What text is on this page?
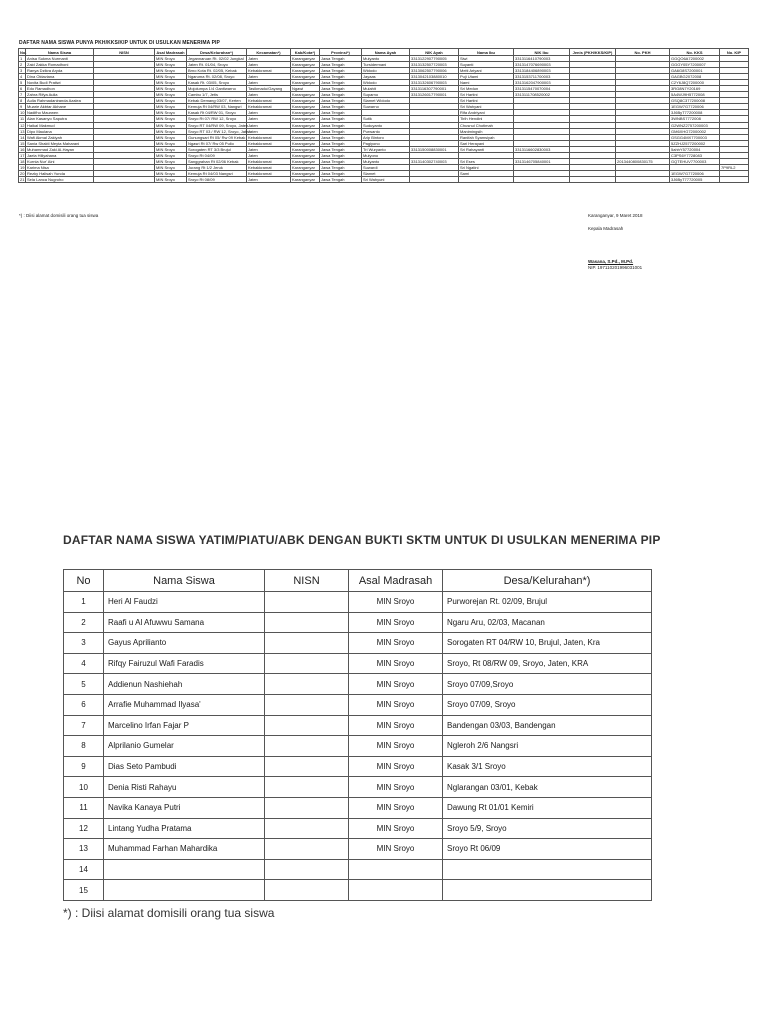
DAFTAR NAMA SISWA PUNYA PKH/KKS/KIP UNTUK DI USULKAN MENERIMA PIP
No.	Nama Siswa	NISN	Asal Madrasah	Desa/Kelurahan*)	Kecamatan*)	Kab/Kota*)	Provinsi*)	Nama Ayah	NIK Ayah	Nama Ibu	NIK Ibu	Jenis (PKH/KKS/KIP)	No. PKH	No. KKS	No. KIP
1	Anisa Sukma Nurmanti		MIN Sroyo	Jegannaruan Rt. 02/02 Jungkal	Jaten	Karanganyar	Jawa Tengah	Mulyanto	3313122907790005	Siwi	3313116410790003			GGQO6A7200002	
2	Zaid Zakka Romadhoni		MIN Sroyo	Jaten Rt. 01/04, Sroyo	Jaten	Karanganyar	Jawa Tengah	Tursidermani	3313132507720003	Suyanti	3313147076690003			GGGY05Y7200007	
3	Ranya Dzikra Aryda		MIN Sroyo	Brno Kota Rt. 02/05, Kebak	Kebakkramat	Karanganyar	Jawa Tengah	Widodo	3313062507790006	Meiti Ariyani	3313184406890003			GA6G8S7200001	
4	Dina Oktaviana		MIN Sroyo	Ngaruma Rt. 02/08, Sroyo	Jaten	Karanganyar	Jawa Tengah	Jayaas	3313042103880010	Puji Utami	3313153711700003			GAGBG2072008	
5	Novita Budi Pratiwi		MIN Sroyo	Kasak Rt. 03/05, Sroyo	Jaten	Karanganyar	Jawa Tengah	Widodo	3313132606790003	Nami	3313162047900003			C2Y6J8Q7200000	
6	Edo Ramadhon		MIN Sroyo	Mojolumpa 1/4 Gantiwarno	Tasikmadu/Gayang	Ngawi	Jawa Tengah	Mulahit	3313116307790001	Sri Medun	3313115470070004			3RG8N7Y20169	
7	Zahra Rifya Aulia		MIN Sroyo	Cambu 1/7, Jetis	Jaten	Karanganyar	Jawa Tengah	Suparno	3313126017790001	Sri Hartini	3313111708520002			5A4WJ9H5772008	
8	Aulia Rahmadaniranda Azalea		MIN Sroyo	Kebak Demang 03/07, Kerten	Kebakkramat	Karanganyar	Jawa Tengah	Slamet Widodo		Sri Hartini				GSQ8C377200008	
9	Muarie Akbtar Akhane		MIN Sroyo	Kemuja Rt 04/RW 03, Nangsri	Kebakkramat	Karanganyar	Jawa Tengah	Suwarno		Sri Wahyani				1EGW7G7720006	
10	Nadifho Maurwen		MIN Sroyo	Kasak Rt 04/RW 01, Sroyo	Jaten	Karanganyar	Jawa Tengah			Rifa Andriyani				3J6ByT77200008	
11	Alan Kasanyo Saputra		MIN Sroyo	Sroyo Rt 07/ RW 12, Sroyo	Jaten	Karanganyar	Jawa Tengah	Sutik		Tirih Hendini				3WNBS7772008	
12	Haikal Makmud		MIN Sroyo	Sroyo RT 04/RW 09, Sroyo, Jaten	Jaten	Karanganyar	Jawa Tengah	Suduyanto		Chusnul Chotimah				G2WNZ2757200003	
13	Dipo Maulana		MIN Sroyo	Sroyo RT 03 / RW 12, Sroyo, Jaten	Jaten	Karanganyar	Jawa Tengah	Purwanto		Manimingsih				GM6XHG72000002	
14	Wafi Akmal Zakiyah		MIN Sroyo	Gunungsari Rt 05/ Rw 09 Kebak	Kebakkramat	Karanganyar	Jawa Tengah	Arip Bintoro		Ranifah Syamsiyah				GSGG4MX7700003	
15	Sania Shakti Meyta Maharani		MIN Sroyo	Ngasri Rt 07/ Rw 05 Pulio	Kebakkramat	Karanganyar	Jawa Tengah	Pagiyono		Sari Herayani				5ZZHJ2577200002	
16	Muhammad Zaki Al-Hayan		MIN Sroyo	Sorogaten RT 3/3 Brujul	Jaten	Karanganyar	Jawa Tengah	Tri Wuryanto	3313150008830001	Sri Rahayanti	3313116602830003			5ahhY57720004	
17	Jaela Hiliyahana		MIN Sroyo	Sroyo Rt 04/09	Jaten	Karanganyar	Jawa Tengah	Mulyono						C3PS6Y7728083	
18	Kurnia Nur' Aini		MIN Sroyo	Sanggrahan Rt 02/06 Kebak	Kebakkramat	Karanganyar	Jawa Tengah	Mulyanto	3313140302740003	Sri Eses	3313146705840001		2013440800830175	GQTEHUV7700003	
19	Karima Nisa		MIN Sroyo	Jurang Rt 1/2 Jeruk	Kebakkramat	Karanganyar	Jawa Tengah	Suwardi		Sri Ngatini					7P9RL2
20	Rezky Halisah Yunda		MIN Sroyo	Kemuja Rt 04/03 Nangsri	Kebakkramat	Karanganyar	Jawa Tengah	Slamet		Sami				1EGW7G7720006	
21	Sela Lanca Nugroho		MIN Sroyo	Sroyo Rt 08/09	Jaten	Karanganyar	Jawa Tengah	Sri Wahyuni						3J6ByT77720005	
*) : Diisi alamat domisili orang tua siswa	Karanganyar, 9 Maret 2018
Kepala Madrasah
Wasana, S.Pd., M.Pd.
NIP. 197110201996031001
DAFTAR NAMA SISWA YATIM/PIATU/ABK DENGAN BUKTI SKTM UNTUK DI USULKAN MENERIMA PIP
No	Nama Siswa	NISN	Asal Madrasah	Desa/Kelurahan*)
1	Heri Al Faudzi		MIN Sroyo	Purworejan Rt. 02/09, Brujul
2	Raafi u Al Afuwwu Samana		MIN Sroyo	Ngaru Aru, 02/03, Macanan
3	Gayus Aprilianto		MIN Sroyo	Sorogaten RT 04/RW 10, Brujul, Jaten, Kra
4	Rifqy Fairuzul Wafi Faradis		MIN Sroyo	Sroyo, Rt 08/RW 09, Sroyo, Jaten, KRA
5	Addienun Nashiehah		MIN Sroyo	Sroyo 07/09,Sroyo
6	Arrafie Muhammad Ilyasa'		MIN Sroyo	Sroyo 07/09, Sroyo
7	Marcelino Irfan Fajar P		MIN Sroyo	Bandengan 03/03, Bandengan
8	Alprilanio Gumelar		MIN Sroyo	Ngleroh 2/6 Nangsri
9	Dias Seto Pambudi		MIN Sroyo	Kasak 3/1 Sroyo
10	Denia Risti Rahayu		MIN Sroyo	Nglarangan 03/01, Kebak
11	Navika Kanaya Putri		MIN Sroyo	Dawung Rt 01/01 Kemiri
12	Lintang Yudha Pratama		MIN Sroyo	Sroyo 5/9, Sroyo
13	Muhammad Farhan Mahardika		MIN Sroyo	Sroyo Rt 06/09
14				
15				
*) : Diisi alamat domisili orang tua siswa
